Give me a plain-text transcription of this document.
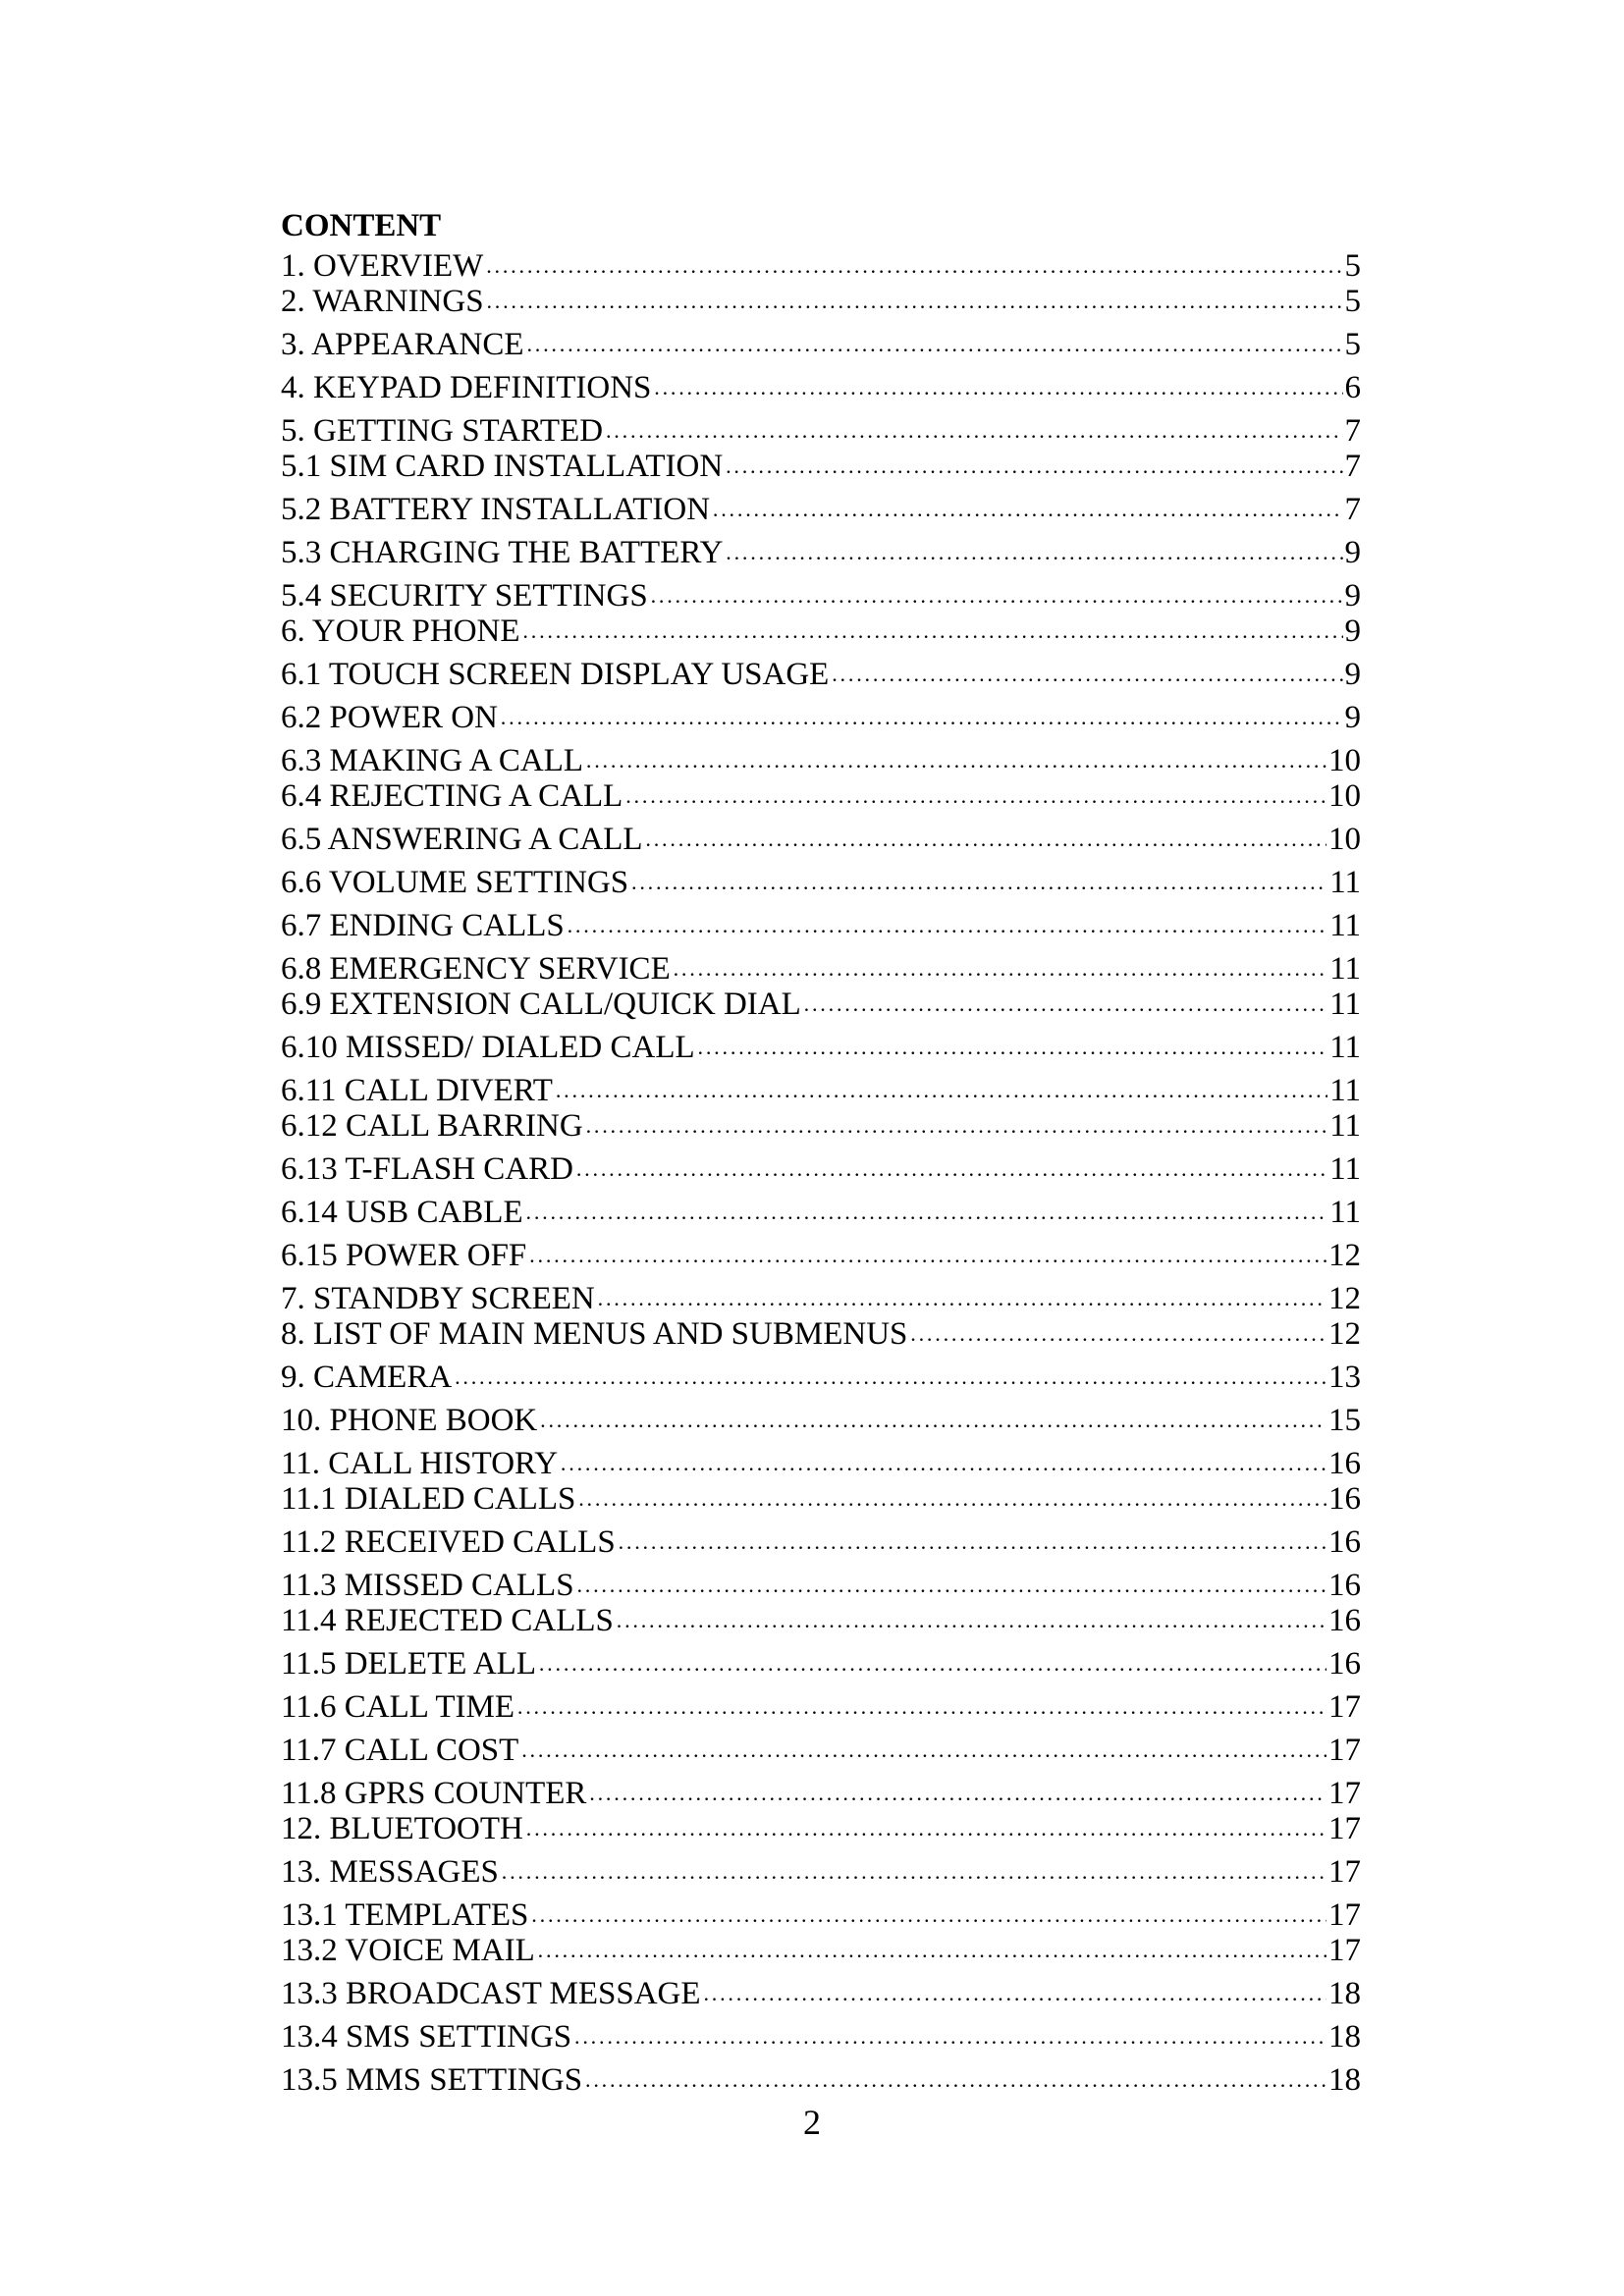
CONTENT
1. OVERVIEW ·····	5
2. WARNINGS ·····	5
3. APPEARANCE ·····	5
4. KEYPAD DEFINITIONS ·····	6
5. GETTING STARTED ·····	7
5.1 SIM CARD INSTALLATION ·····	7
5.2 BATTERY INSTALLATION ·····	7
5.3 CHARGING THE BATTERY ·····	9
5.4 SECURITY SETTINGS ·····	9
6. YOUR PHONE ·····	9
6.1 TOUCH SCREEN DISPLAY USAGE ·····	9
6.2 POWER ON ·····	9
6.3 MAKING A CALL ·····	10
6.4 REJECTING A CALL ·····	10
6.5 ANSWERING A CALL ·····	10
6.6 VOLUME SETTINGS ·····	11
6.7 ENDING CALLS ·····	11
6.8 EMERGENCY SERVICE ·····	11
6.9 EXTENSION CALL/QUICK DIAL ·····	11
6.10 MISSED/ DIALED CALL ·····	11
6.11 CALL DIVERT ·····	11
6.12 CALL BARRING ·····	11
6.13 T-FLASH CARD ·····	11
6.14 USB CABLE ·····	11
6.15 POWER OFF ·····	12
7. STANDBY SCREEN ·····	12
8. LIST OF MAIN MENUS AND SUBMENUS ·····	12
9. CAMERA ·····	13
10. PHONE BOOK ·····	15
11. CALL HISTORY ·····	16
11.1 DIALED CALLS ·····	16
11.2 RECEIVED CALLS ·····	16
11.3 MISSED CALLS ·····	16
11.4 REJECTED CALLS ·····	16
11.5 DELETE ALL ·····	16
11.6 CALL TIME ·····	17
11.7 CALL COST ·····	17
11.8 GPRS COUNTER ·····	17
12. BLUETOOTH ·····	17
13. MESSAGES ·····	17
13.1 TEMPLATES ·····	17
13.2 VOICE MAIL ·····	17
13.3 BROADCAST MESSAGE ·····	18
13.4 SMS SETTINGS ·····	18
13.5 MMS SETTINGS ·····	18
2
